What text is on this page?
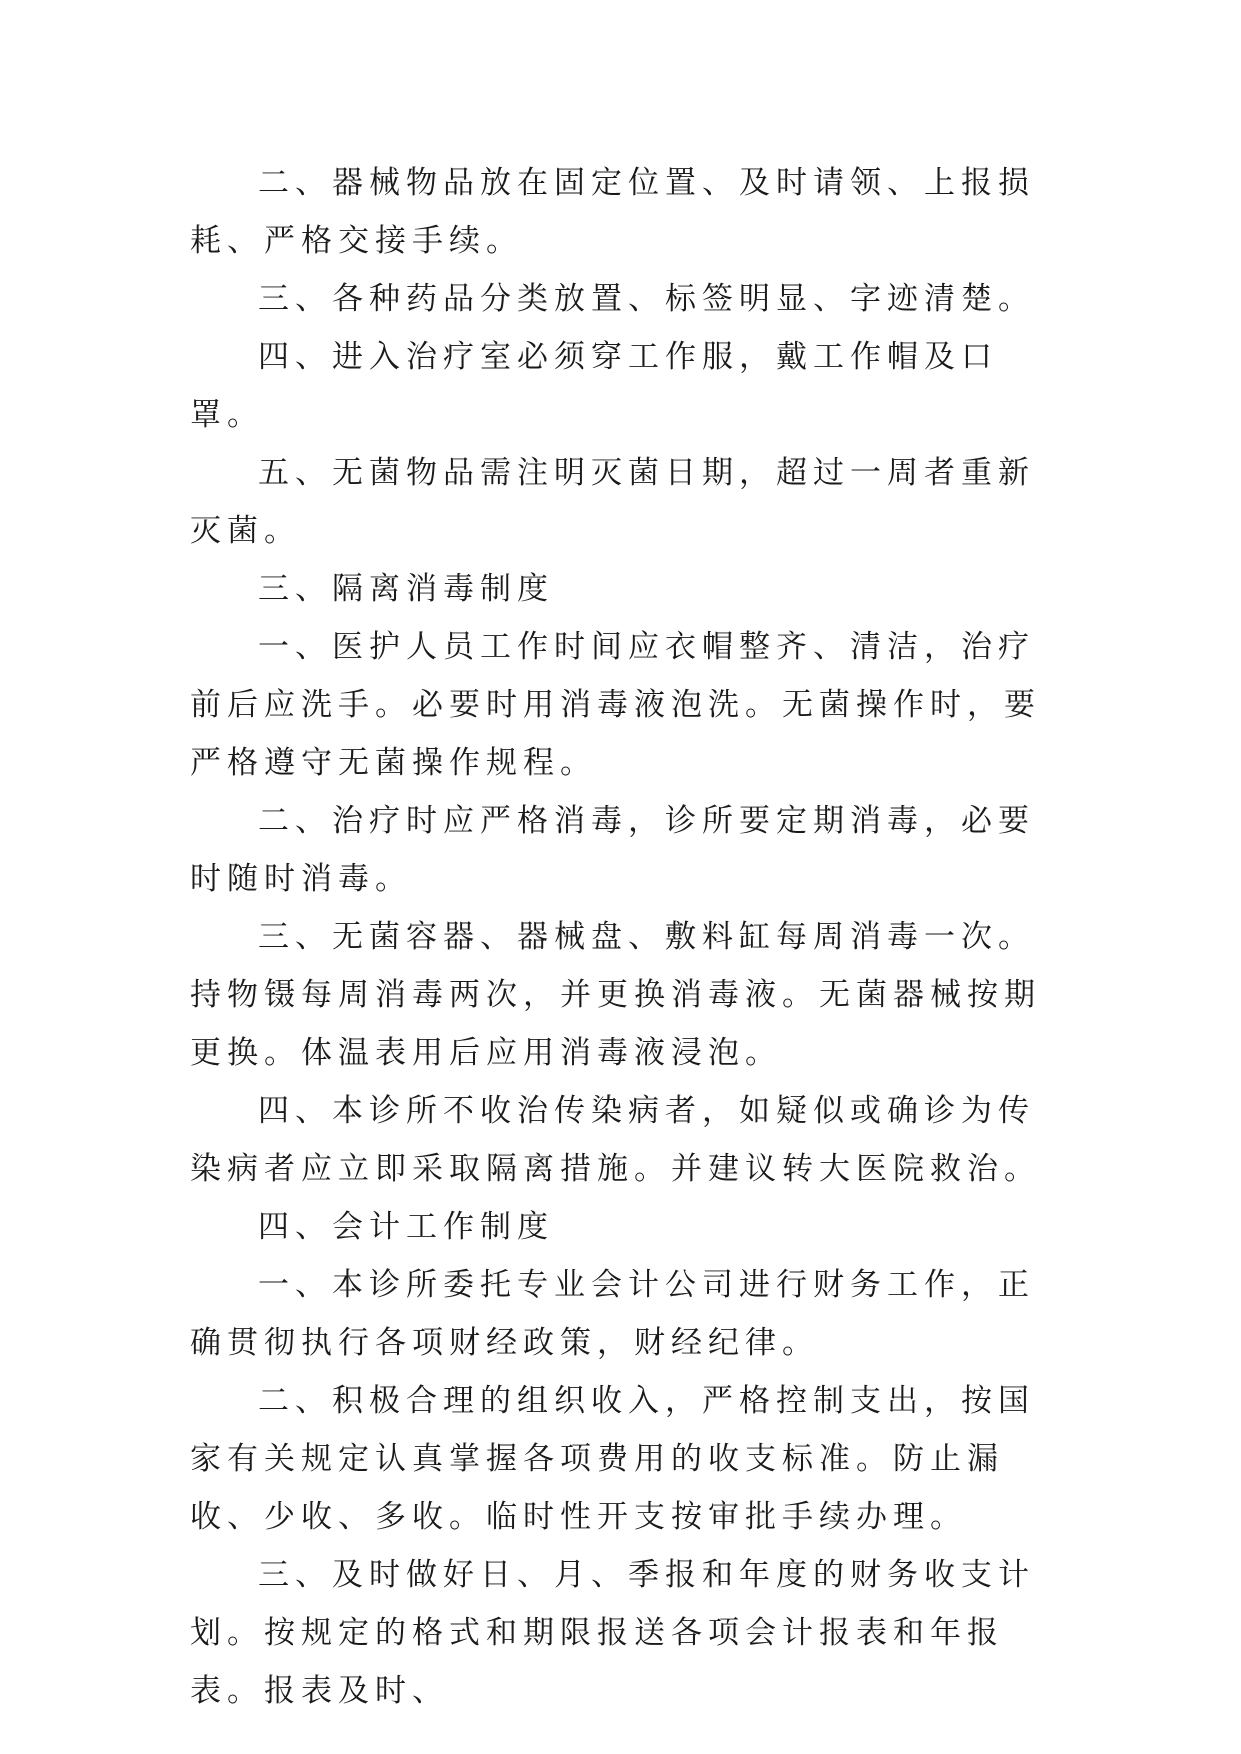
二、器械物品放在固定位置、及时请领、上报损耗、严格交接手续。

三、各种药品分类放置、标签明显、字迹清楚。

四、进入治疗室必须穿工作服，戴工作帽及口罩。

五、无菌物品需注明灭菌日期，超过一周者重新灭菌。

三、隔离消毒制度

一、医护人员工作时间应衣帽整齐、清洁，治疗前后应洗手。必要时用消毒液泡洗。无菌操作时，要严格遵守无菌操作规程。

二、治疗时应严格消毒，诊所要定期消毒，必要时随时消毒。

三、无菌容器、器械盘、敷料缸每周消毒一次。持物镊每周消毒两次，并更换消毒液。无菌器械按期更换。体温表用后应用消毒液浸泡。

四、本诊所不收治传染病者，如疑似或确诊为传染病者应立即采取隔离措施。并建议转大医院救治。

四、会计工作制度

一、本诊所委托专业会计公司进行财务工作，正确贯彻执行各项财经政策，财经纪律。

二、积极合理的组织收入，严格控制支出，按国家有关规定认真掌握各项费用的收支标准。防止漏收、少收、多收。临时性开支按审批手续办理。

三、及时做好日、月、季报和年度的财务收支计划。按规定的格式和期限报送各项会计报表和年报表。报表及时、
